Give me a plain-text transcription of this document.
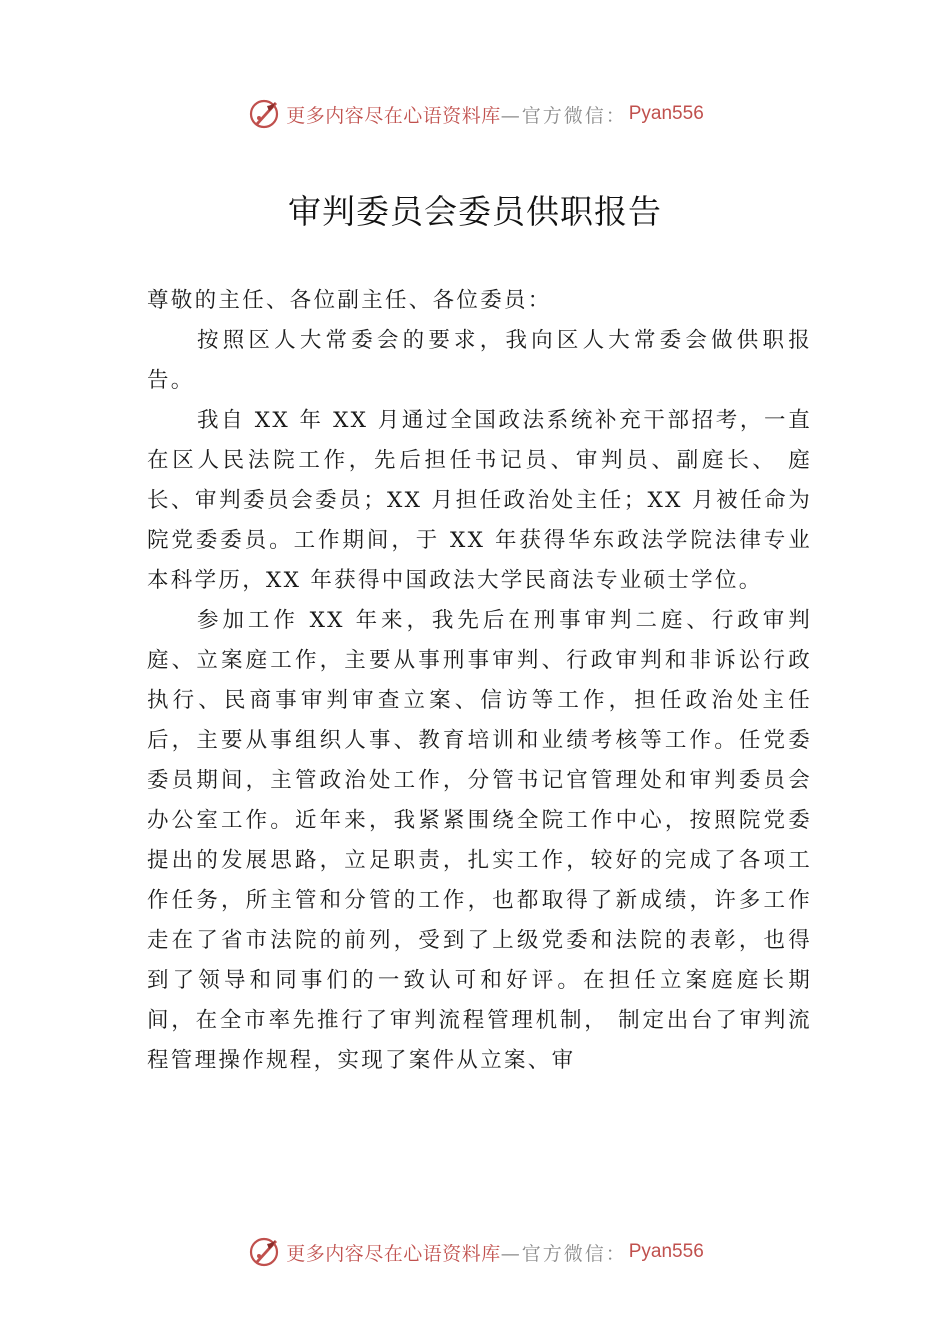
更多内容尽在心语资料库 —官方微信： Pyan556
审判委员会委员供职报告

尊敬的主任、各位副主任、各位委员：

按照区人大常委会的要求，我向区人大常委会做供职报告。

我自 XX 年 XX 月通过全国政法系统补充干部招考，一直在区人民法院工作，先后担任书记员、审判员、副庭长、 庭长、审判委员会委员；XX 月担任政治处主任；XX 月被任命为院党委委员。工作期间，于 XX 年获得华东政法学院法律专业本科学历，XX 年获得中国政法大学民商法专业硕士学位。

参加工作 XX 年来，我先后在刑事审判二庭、行政审判庭、立案庭工作，主要从事刑事审判、行政审判和非诉讼行政执行、民商事审判审查立案、信访等工作，担任政治处主任后，主要从事组织人事、教育培训和业绩考核等工作。任党委委员期间，主管政治处工作，分管书记官管理处和审判委员会办公室工作。近年来，我紧紧围绕全院工作中心，按照院党委提出的发展思路，立足职责，扎实工作，较好的完成了各项工作任务，所主管和分管的工作，也都取得了新成绩，许多工作走在了省市法院的前列，受到了上级党委和法院的表彰，也得到了领导和同事们的一致认可和好评。在担任立案庭庭长期间，在全市率先推行了审判流程管理机制， 制定出台了审判流程管理操作规程，实现了案件从立案、审

更多内容尽在心语资料库 —官方微信： Pyan556
